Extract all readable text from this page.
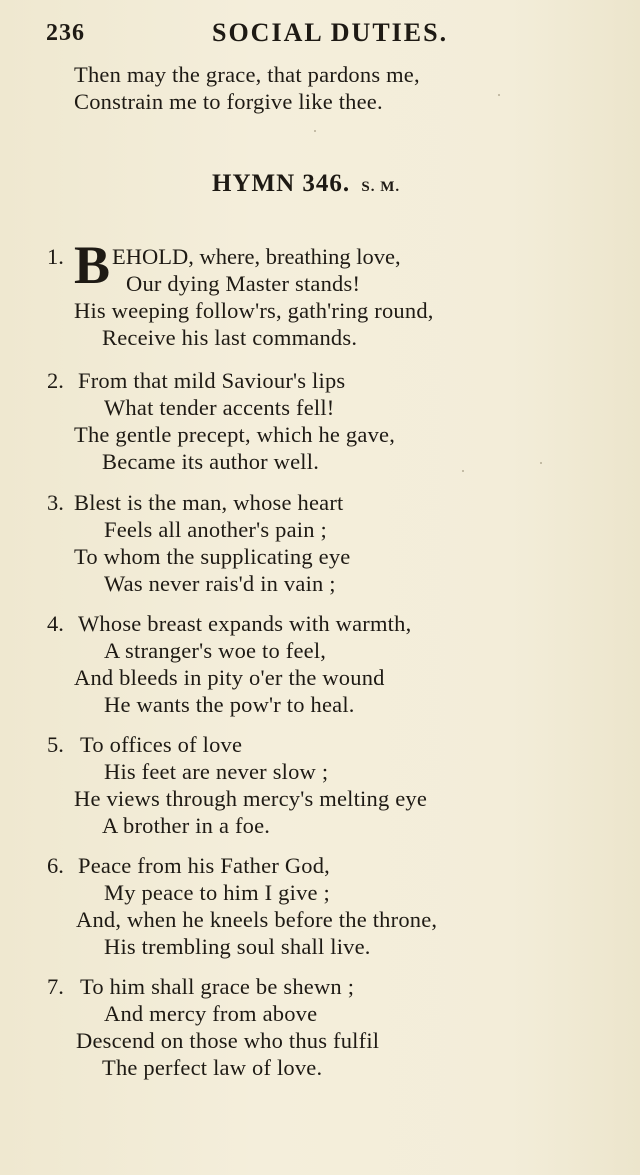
236	SOCIAL DUTIES.
Then may the grace, that pardons me,
Constrain me to forgive like thee.
HYMN 346. S. M.
1. B EHOLD, where, breathing love,
Our dying Master stands!
His weeping follow'rs, gath'ring round,
Receive his last commands.
2. From that mild Saviour's lips
What tender accents fell!
The gentle precept, which he gave,
Became its author well.
3. Blest is the man, whose heart
Feels all another's pain ;
To whom the supplicating eye
Was never rais'd in vain ;
4. Whose breast expands with warmth,
A stranger's woe to feel,
And bleeds in pity o'er the wound
He wants the pow'r to heal.
5. To offices of love
His feet are never slow ;
He views through mercy's melting eye
A brother in a foe.
6. Peace from his Father God,
My peace to him I give ;
And, when he kneels before the throne,
His trembling soul shall live.
7. To him shall grace be shewn ;
And mercy from above
Descend on those who thus fulfil
The perfect law of love.
